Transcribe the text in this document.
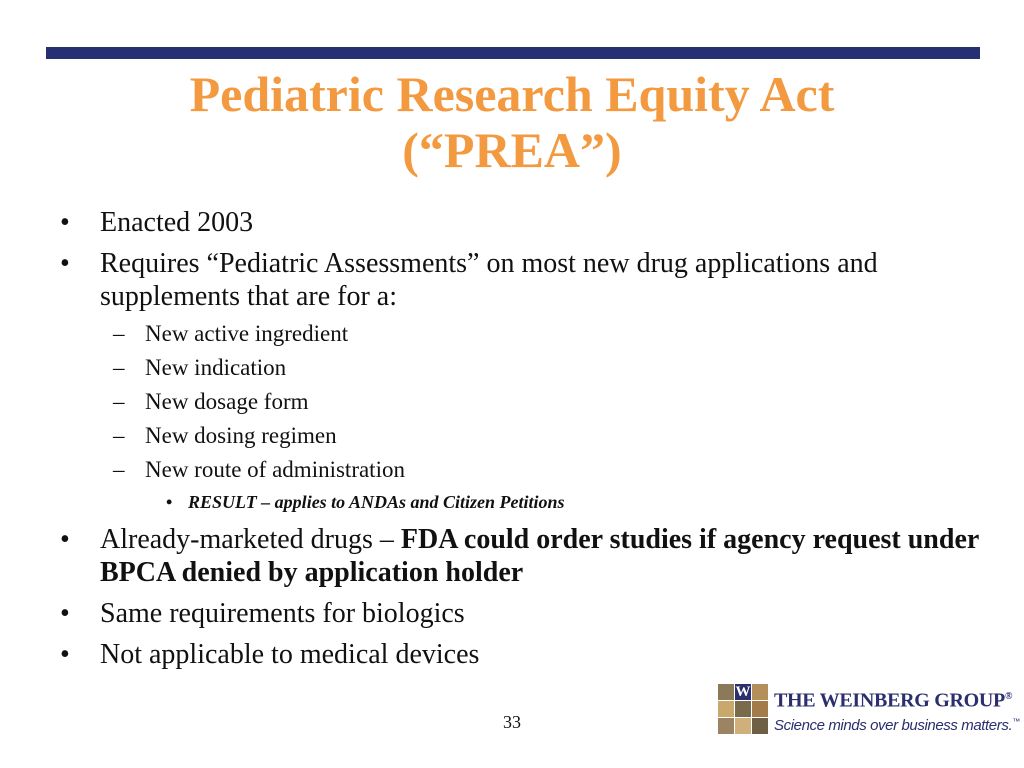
Pediatric Research Equity Act
(“PREA”)
•	Enacted 2003
•	Requires “Pediatric Assessments” on most new drug applications and supplements that are for a:
– New active ingredient
– New indication
– New dosage form
– New dosing regimen
– New route of administration
• RESULT – applies to ANDAs and Citizen Petitions
•	Already-marketed drugs – FDA could order studies if agency request under BPCA denied by application holder
•	Same requirements for biologics
•	Not applicable to medical devices
33
W THE WEINBERG GROUP®
Science minds over business matters.™
